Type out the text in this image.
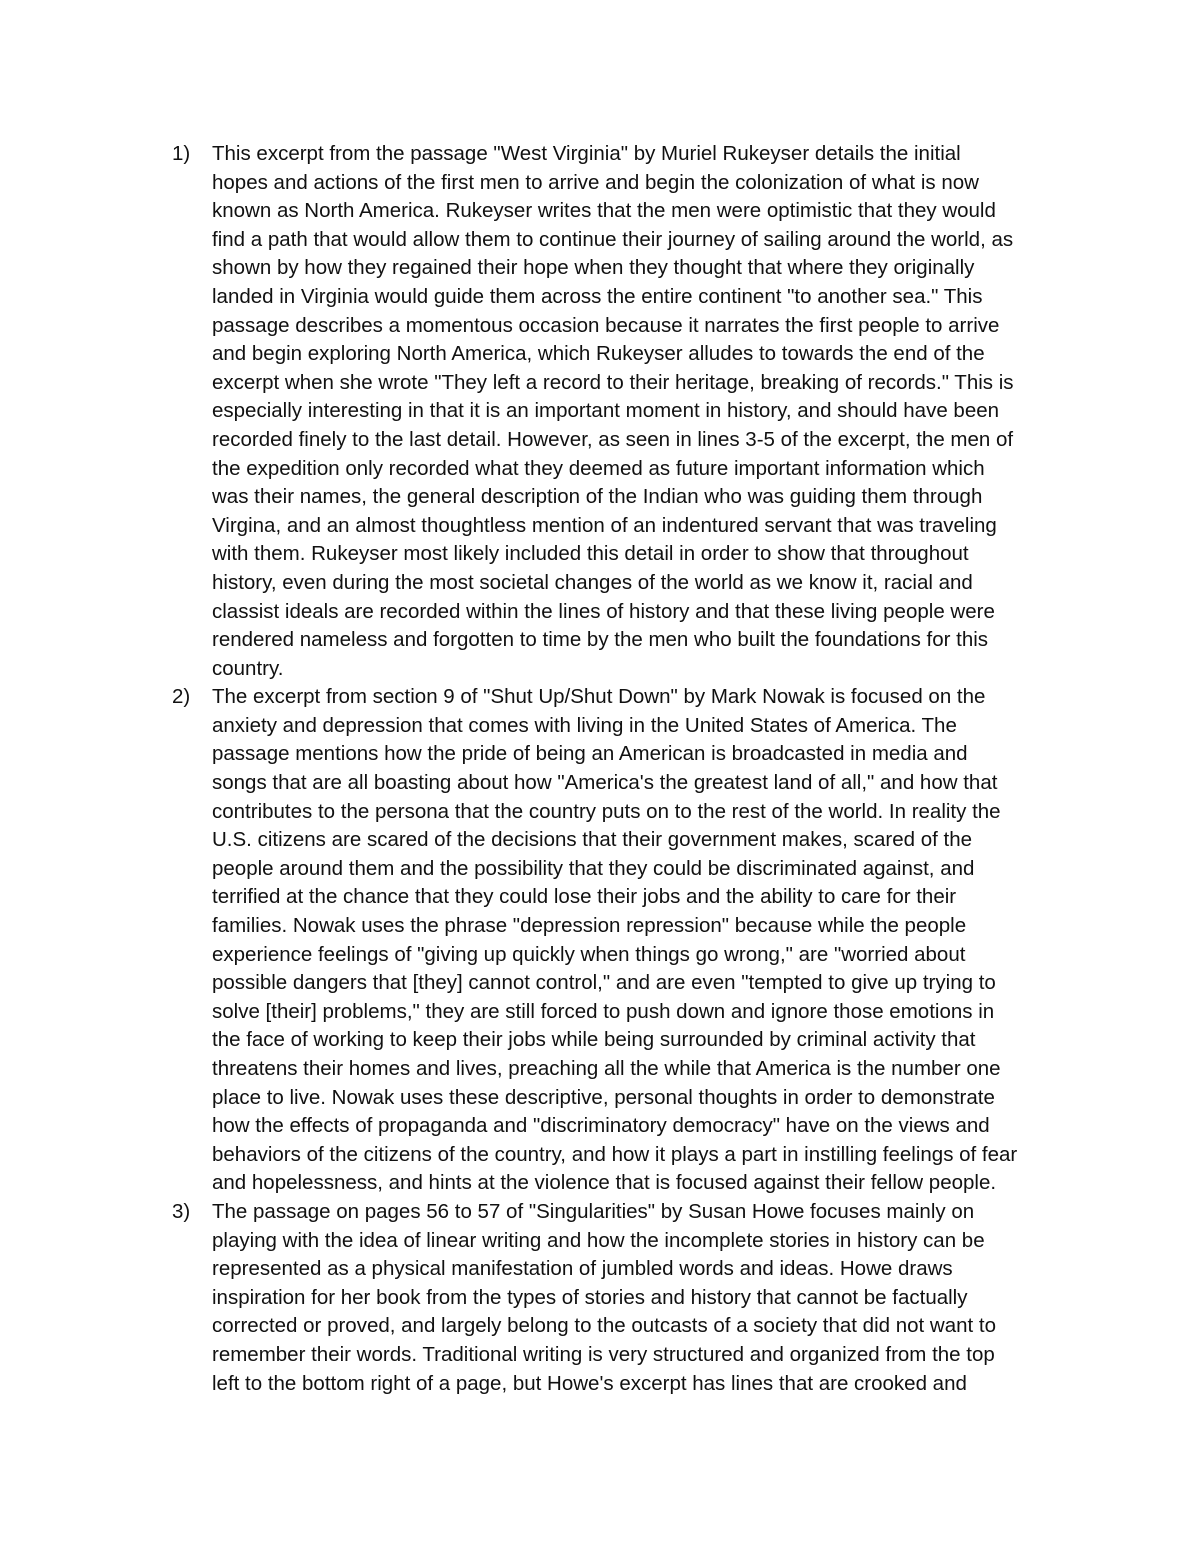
1)	This excerpt from the passage "West Virginia" by Muriel Rukeyser details the initial
hopes and actions of the first men to arrive and begin the colonization of what is now
known as North America. Rukeyser writes that the men were optimistic that they would
find a path that would allow them to continue their journey of sailing around the world, as
shown by how they regained their hope when they thought that where they originally
landed in Virginia would guide them across the entire continent "to another sea." This
passage describes a momentous occasion because it narrates the first people to arrive
and begin exploring North America, which Rukeyser alludes to towards the end of the
excerpt when she wrote "They left a record to their heritage, breaking of records." This is
especially interesting in that it is an important moment in history, and should have been
recorded finely to the last detail. However, as seen in lines 3-5 of the excerpt, the men of
the expedition only recorded what they deemed as future important information which
was their names, the general description of the Indian who was guiding them through
Virgina, and an almost thoughtless mention of an indentured servant that was traveling
with them. Rukeyser most likely included this detail in order to show that throughout
history, even during the most societal changes of the world as we know it, racial and
classist ideals are recorded within the lines of history and that these living people were
rendered nameless and forgotten to time by the men who built the foundations for this
country.
2)	The excerpt from section 9 of "Shut Up/Shut Down" by Mark Nowak is focused on the
anxiety and depression that comes with living in the United States of America. The
passage mentions how the pride of being an American is broadcasted in media and
songs that are all boasting about how "America's the greatest land of all," and how that
contributes to the persona that the country puts on to the rest of the world. In reality the
U.S. citizens are scared of the decisions that their government makes, scared of the
people around them and the possibility that they could be discriminated against, and
terrified at the chance that they could lose their jobs and the ability to care for their
families. Nowak uses the phrase "depression repression" because while the people
experience feelings of "giving up quickly when things go wrong," are "worried about
possible dangers that [they] cannot control," and are even "tempted to give up trying to
solve [their] problems," they are still forced to push down and ignore those emotions in
the face of working to keep their jobs while being surrounded by criminal activity that
threatens their homes and lives, preaching all the while that America is the number one
place to live. Nowak uses these descriptive, personal thoughts in order to demonstrate
how the effects of propaganda and "discriminatory democracy" have on the views and
behaviors of the citizens of the country, and how it plays a part in instilling feelings of fear
and hopelessness, and hints at the violence that is focused against their fellow people.
3)	The passage on pages 56 to 57 of "Singularities" by Susan Howe focuses mainly on
playing with the idea of linear writing and how the incomplete stories in history can be
represented as a physical manifestation of jumbled words and ideas. Howe draws
inspiration for her book from the types of stories and history that cannot be factually
corrected or proved, and largely belong to the outcasts of a society that did not want to
remember their words. Traditional writing is very structured and organized from the top
left to the bottom right of a page, but Howe's excerpt has lines that are crooked and
